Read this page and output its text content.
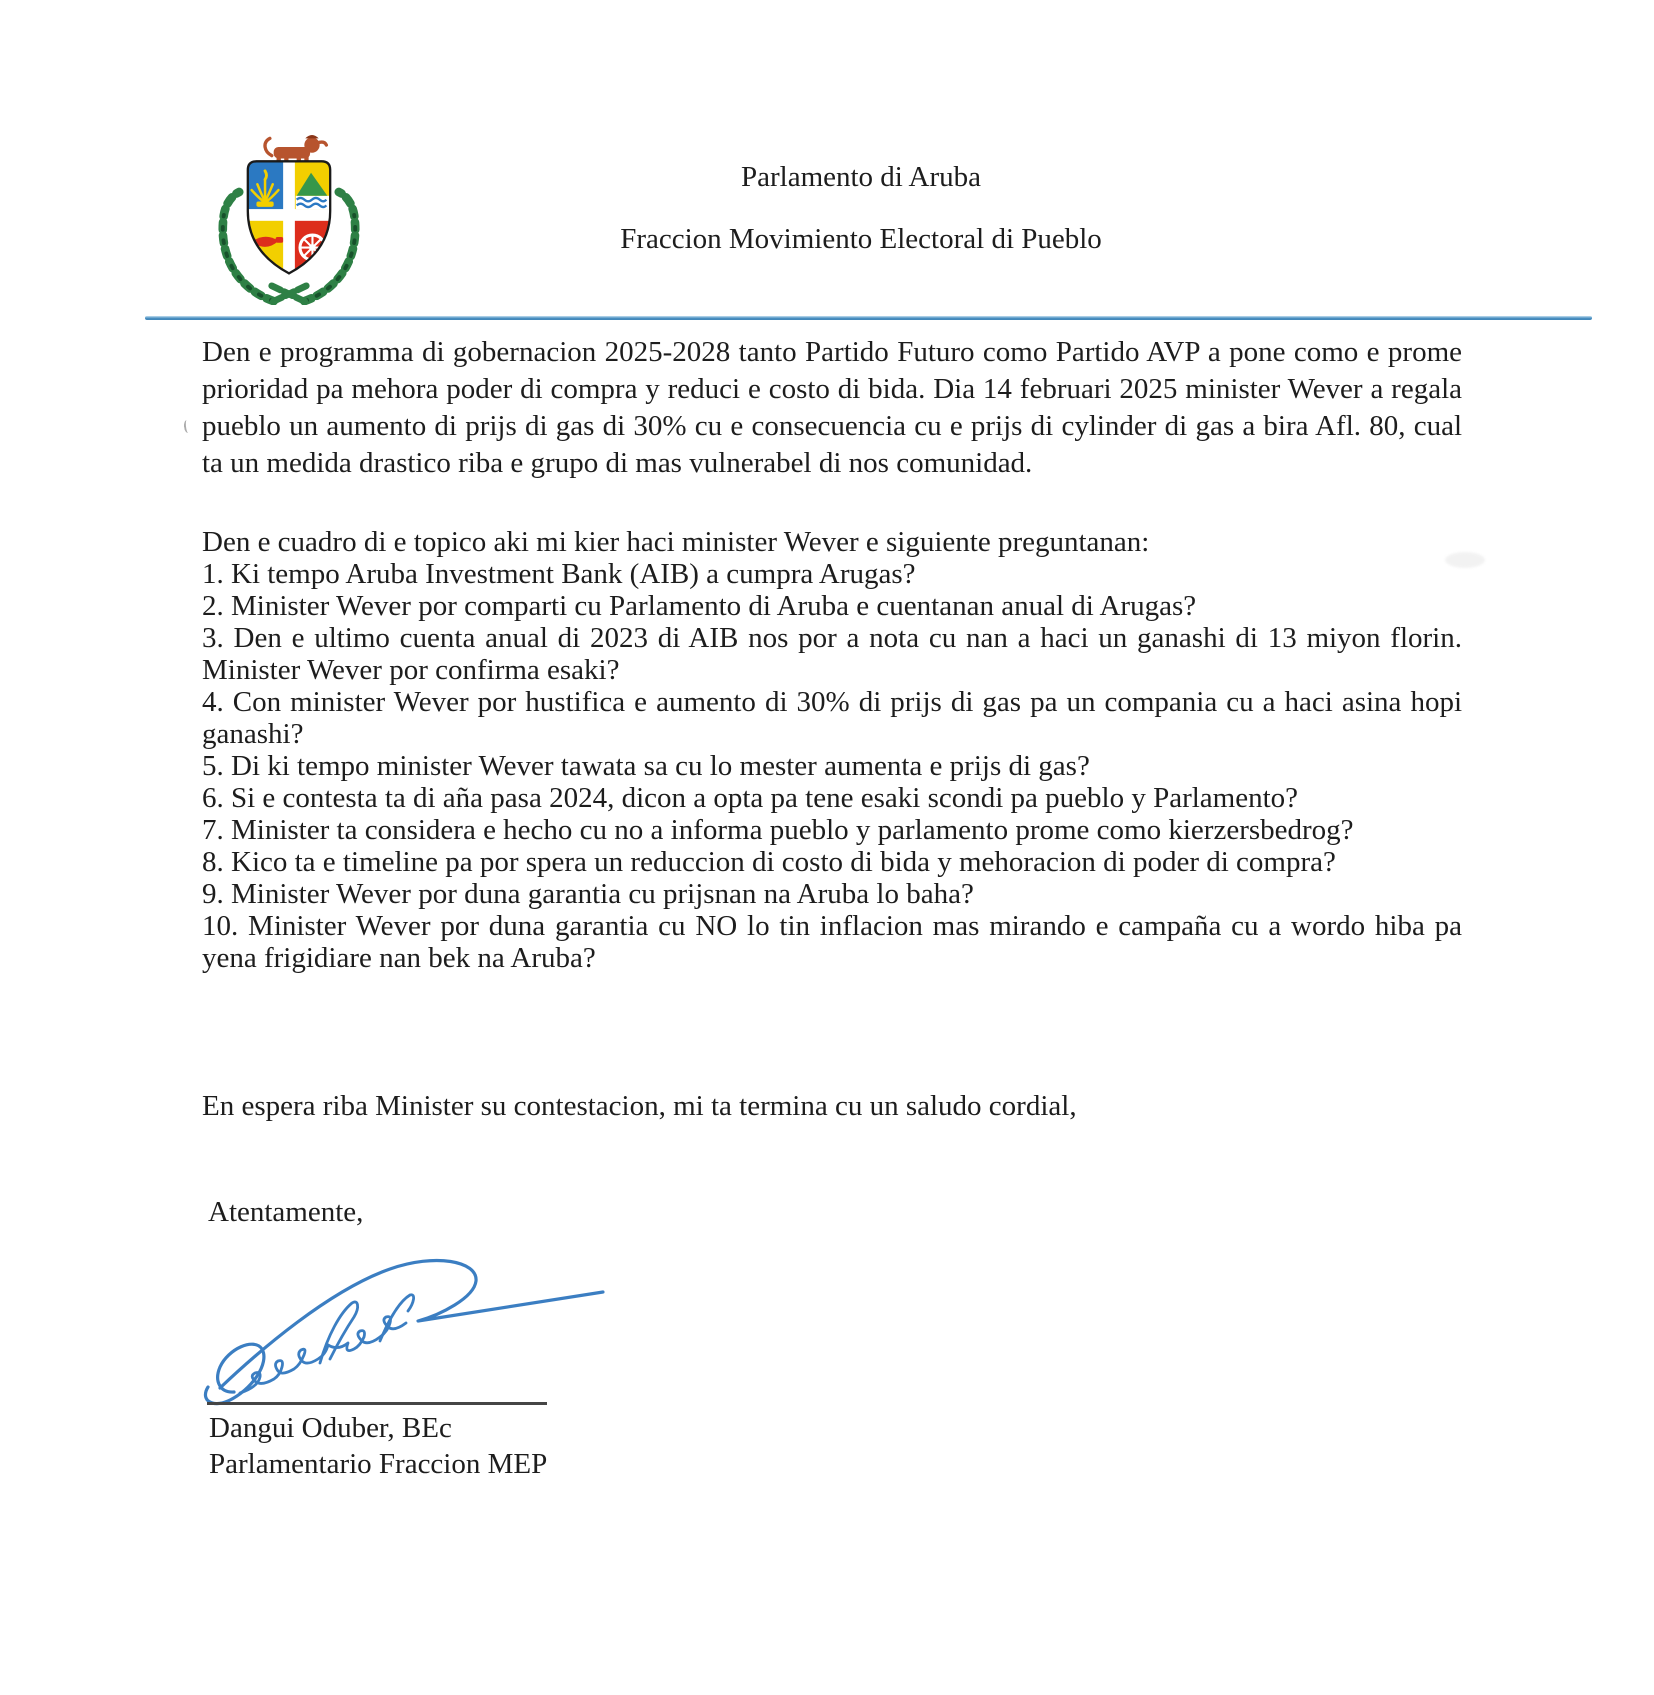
Parlamento di Aruba
Fraccion Movimiento Electoral di Pueblo
Den e programma di gobernacion 2025-2028 tanto Partido Futuro como Partido AVP a pone como e prome prioridad pa mehora poder di compra y reduci e costo di bida. Dia 14 februari 2025 minister Wever a regala pueblo un aumento di prijs di gas di 30% cu e consecuencia cu e prijs di cylinder di gas a bira Afl. 80, cual ta un medida drastico riba e grupo di mas vulnerabel di nos comunidad.
Den e cuadro di e topico aki mi kier haci minister Wever e siguiente preguntanan:
1. Ki tempo Aruba Investment Bank (AIB) a cumpra Arugas?
2. Minister Wever por comparti cu Parlamento di Aruba e cuentanan anual di Arugas?
3. Den e ultimo cuenta anual di 2023 di AIB nos por a nota cu nan a haci un ganashi di 13 miyon florin. Minister Wever por confirma esaki?
4. Con minister Wever por hustifica e aumento di 30% di prijs di gas pa un compania cu a haci asina hopi ganashi?
5. Di ki tempo minister Wever tawata sa cu lo mester aumenta e prijs di gas?
6. Si e contesta ta di aña pasa 2024, dicon a opta pa tene esaki scondi pa pueblo y Parlamento?
7. Minister ta considera e hecho cu no a informa pueblo y parlamento prome como kierzersbedrog?
8. Kico ta e timeline pa por spera un reduccion di costo di bida y mehoracion di poder di compra?
9. Minister Wever por duna garantia cu prijsnan na Aruba lo baha?
10. Minister Wever por duna garantia cu NO lo tin inflacion mas mirando e campaña cu a wordo hiba pa yena frigidiare nan bek na Aruba?
En espera riba Minister su contestacion, mi ta termina cu un saludo cordial,
Atentamente,
Dangui Oduber, BEc
Parlamentario Fraccion MEP
